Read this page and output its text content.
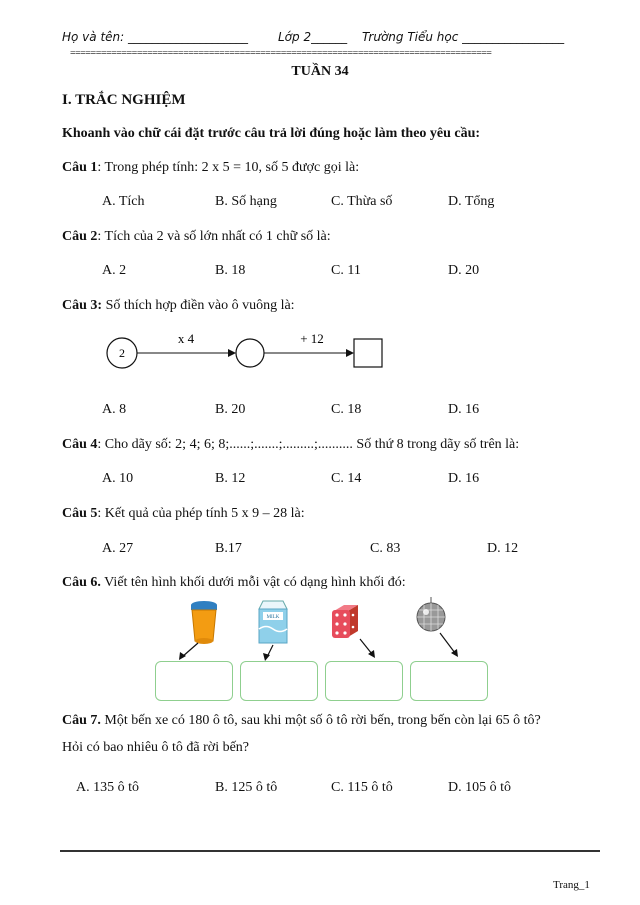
Họ và tên: ____________________	Lớp 2______ Trường Tiểu học _________________
==================================================================================
TUẦN 34
I. TRẮC NGHIỆM
Khoanh vào chữ cái đặt trước câu trả lời đúng hoặc làm theo yêu cầu:
Câu 1: Trong phép tính: 2 x 5 = 10, số 5 được gọi là:
A. Tích	B. Số hạng	C. Thừa số	D. Tổng
Câu 2: Tích của 2 và số lớn nhất có 1 chữ số là:
A. 2	B. 18	C. 11	D. 20
Câu 3: Số thích hợp điền vào ô vuông là:
2
x 4	+ 12
A. 8	B. 20	C. 18	D. 16
Câu 4: Cho dãy số: 2; 4; 6; 8;......;.......;.........;.......... Số thứ 8 trong dãy số trên là:
A. 10	B. 12	C. 14	D. 16
Câu 5: Kết quả của phép tính 5 x 9 – 28 là:
A. 27	B.17	C. 83	D. 12
Câu 6. Viết tên hình khối dưới mỗi vật có dạng hình khối đó:
MILK
Câu 7. Một bến xe có 180 ô tô, sau khi một số ô tô rời bến, trong bến còn lại 65 ô tô?
Hỏi có bao nhiêu ô tô đã rời bến?
A. 135 ô tô	B. 125 ô tô	C. 115 ô tô	D. 105 ô tô
Trang_1
